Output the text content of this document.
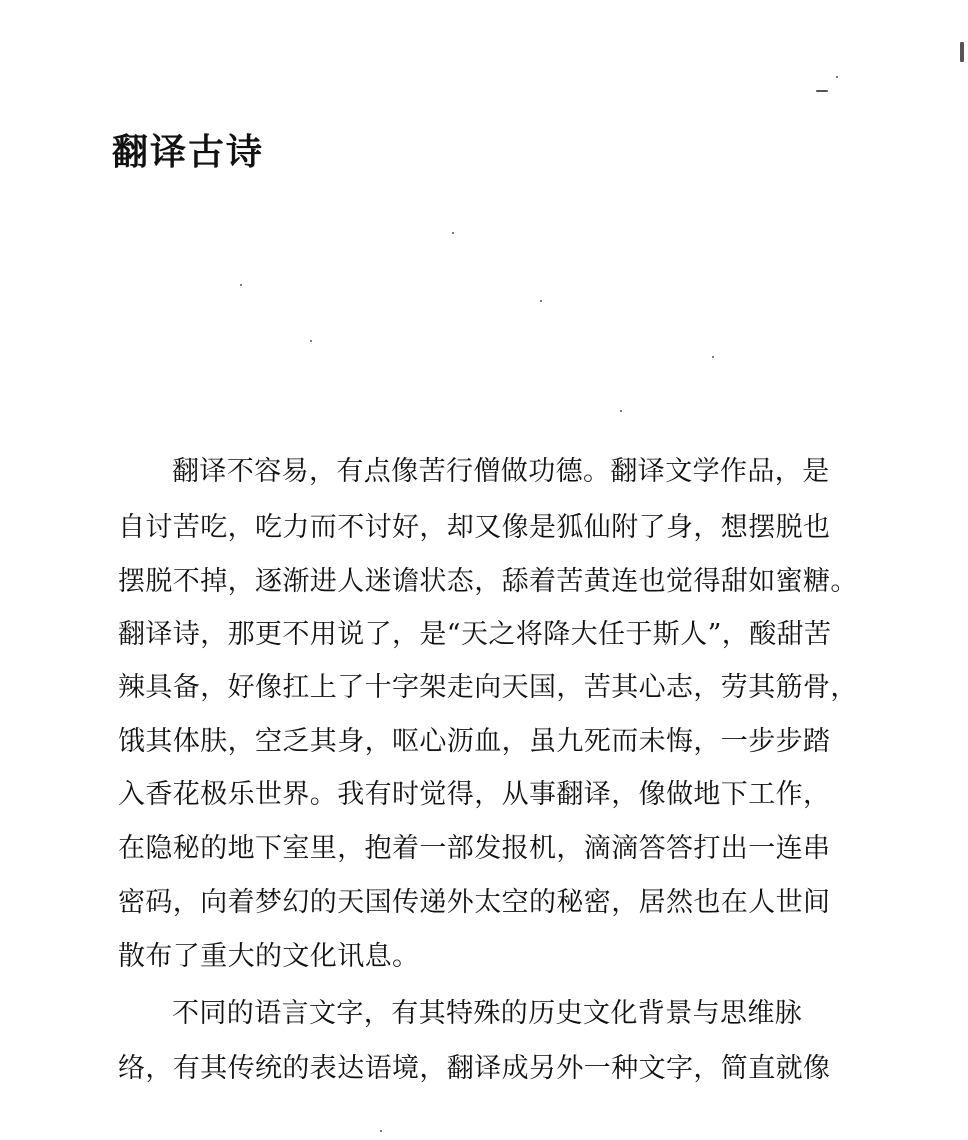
翻译古诗
翻译不容易，有点像苦行僧做功德。翻译文学作品，是
自讨苦吃，吃力而不讨好，却又像是狐仙附了身，想摆脱也
摆脱不掉，逐渐进人迷谵状态，舔着苦黄连也觉得甜如蜜糖。
翻译诗，那更不用说了，是“天之将降大任于斯人”，酸甜苦
辣具备，好像扛上了十字架走向天国，苦其心志，劳其筋骨，
饿其体肤，空乏其身，呕心沥血，虽九死而未悔，一步步踏
入香花极乐世界。我有时觉得，从事翻译，像做地下工作，
在隐秘的地下室里，抱着一部发报机，滴滴答答打出一连串
密码，向着梦幻的天国传递外太空的秘密，居然也在人世间
散布了重大的文化讯息。
不同的语言文字，有其特殊的历史文化背景与思维脉
络，有其传统的表达语境，翻译成另外一种文字，简直就像
